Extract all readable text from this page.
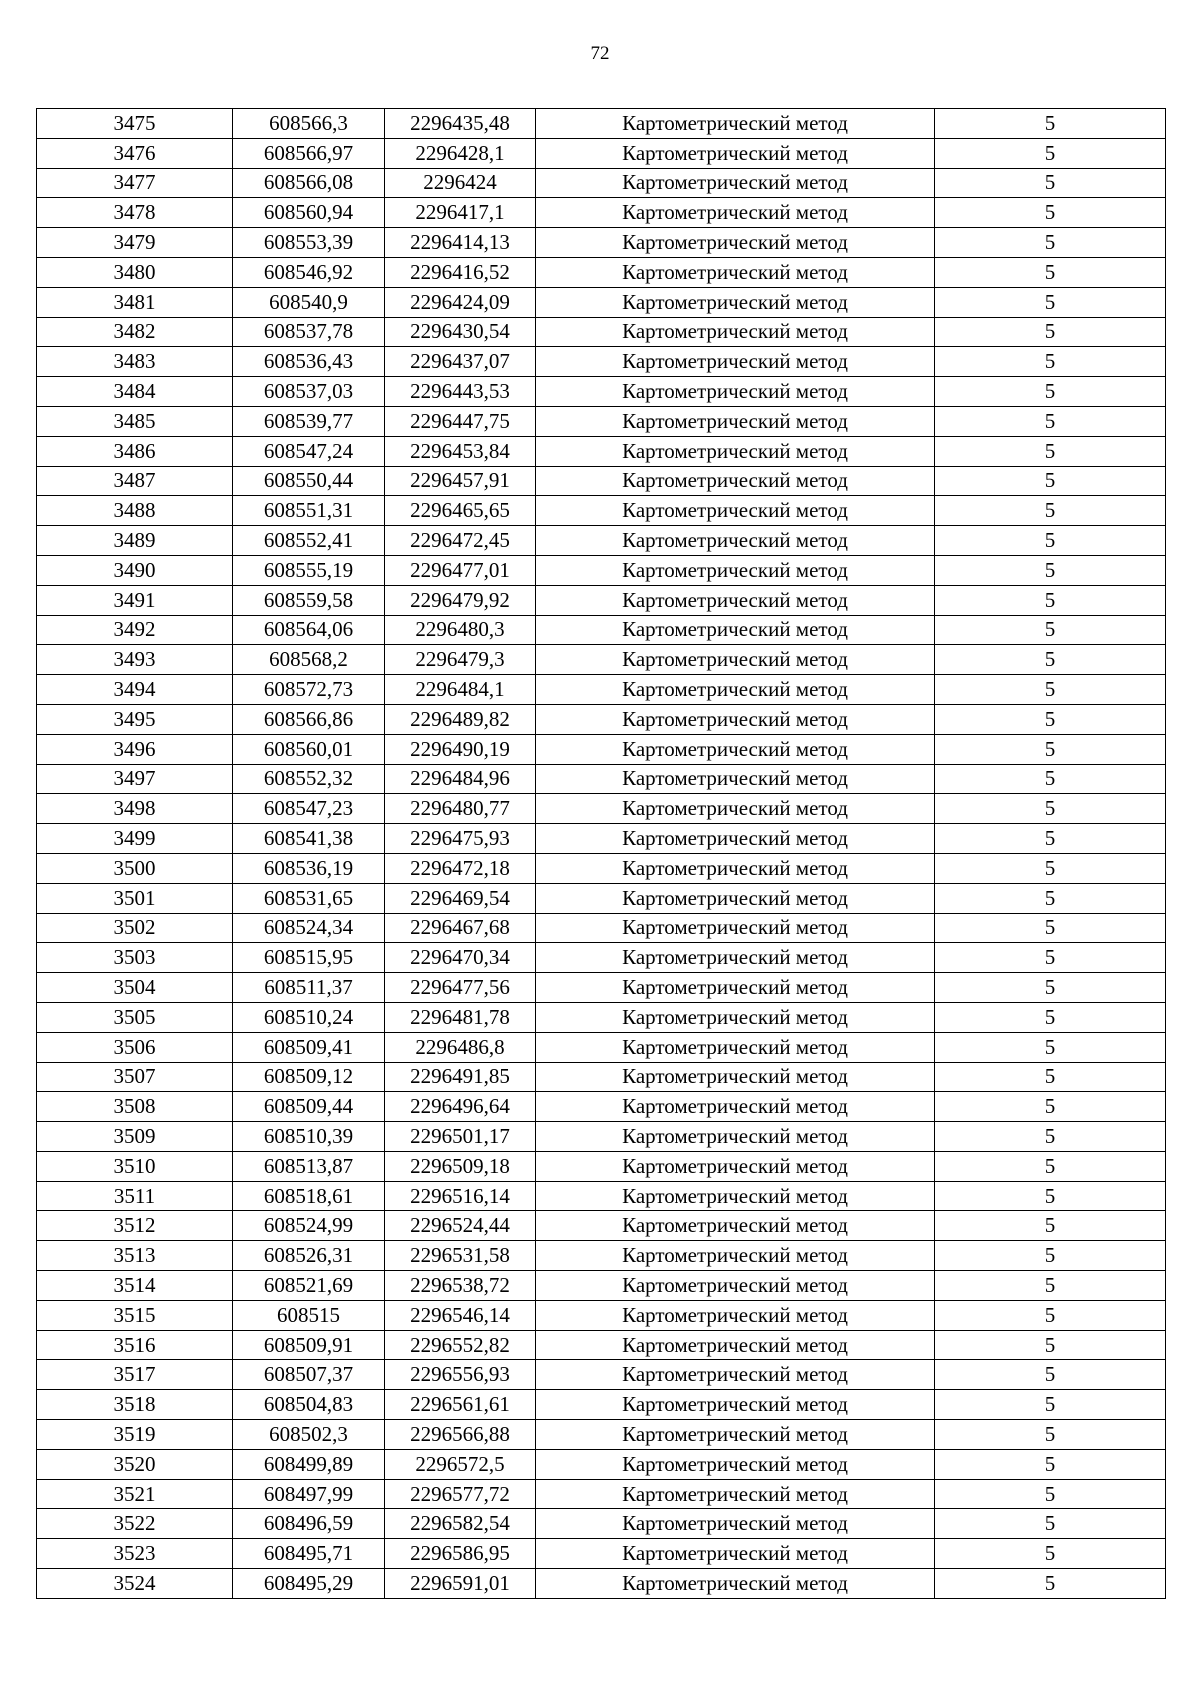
72
3475	608566,3	2296435,48	Картометрический метод	5
3476	608566,97	2296428,1	Картометрический метод	5
3477	608566,08	2296424	Картометрический метод	5
3478	608560,94	2296417,1	Картометрический метод	5
3479	608553,39	2296414,13	Картометрический метод	5
3480	608546,92	2296416,52	Картометрический метод	5
3481	608540,9	2296424,09	Картометрический метод	5
3482	608537,78	2296430,54	Картометрический метод	5
3483	608536,43	2296437,07	Картометрический метод	5
3484	608537,03	2296443,53	Картометрический метод	5
3485	608539,77	2296447,75	Картометрический метод	5
3486	608547,24	2296453,84	Картометрический метод	5
3487	608550,44	2296457,91	Картометрический метод	5
3488	608551,31	2296465,65	Картометрический метод	5
3489	608552,41	2296472,45	Картометрический метод	5
3490	608555,19	2296477,01	Картометрический метод	5
3491	608559,58	2296479,92	Картометрический метод	5
3492	608564,06	2296480,3	Картометрический метод	5
3493	608568,2	2296479,3	Картометрический метод	5
3494	608572,73	2296484,1	Картометрический метод	5
3495	608566,86	2296489,82	Картометрический метод	5
3496	608560,01	2296490,19	Картометрический метод	5
3497	608552,32	2296484,96	Картометрический метод	5
3498	608547,23	2296480,77	Картометрический метод	5
3499	608541,38	2296475,93	Картометрический метод	5
3500	608536,19	2296472,18	Картометрический метод	5
3501	608531,65	2296469,54	Картометрический метод	5
3502	608524,34	2296467,68	Картометрический метод	5
3503	608515,95	2296470,34	Картометрический метод	5
3504	608511,37	2296477,56	Картометрический метод	5
3505	608510,24	2296481,78	Картометрический метод	5
3506	608509,41	2296486,8	Картометрический метод	5
3507	608509,12	2296491,85	Картометрический метод	5
3508	608509,44	2296496,64	Картометрический метод	5
3509	608510,39	2296501,17	Картометрический метод	5
3510	608513,87	2296509,18	Картометрический метод	5
3511	608518,61	2296516,14	Картометрический метод	5
3512	608524,99	2296524,44	Картометрический метод	5
3513	608526,31	2296531,58	Картометрический метод	5
3514	608521,69	2296538,72	Картометрический метод	5
3515	608515	2296546,14	Картометрический метод	5
3516	608509,91	2296552,82	Картометрический метод	5
3517	608507,37	2296556,93	Картометрический метод	5
3518	608504,83	2296561,61	Картометрический метод	5
3519	608502,3	2296566,88	Картометрический метод	5
3520	608499,89	2296572,5	Картометрический метод	5
3521	608497,99	2296577,72	Картометрический метод	5
3522	608496,59	2296582,54	Картометрический метод	5
3523	608495,71	2296586,95	Картометрический метод	5
3524	608495,29	2296591,01	Картометрический метод	5
